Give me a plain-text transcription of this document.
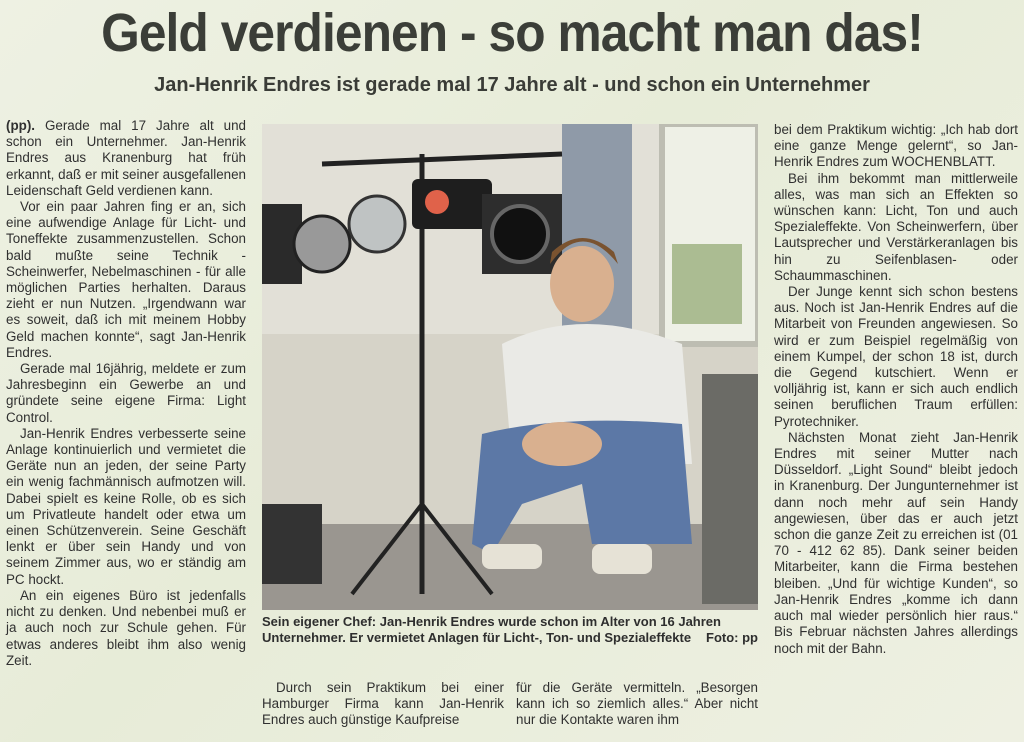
Geld verdienen - so macht man das!
Jan-Henrik Endres ist gerade mal 17 Jahre alt - und schon ein Unternehmer

(pp). Gerade mal 17 Jahre alt und schon ein Unternehmer. Jan-Henrik Endres aus Kranenburg hat früh erkannt, daß er mit seiner ausgefallenen Leidenschaft Geld verdienen kann.

Vor ein paar Jahren fing er an, sich eine aufwendige Anlage für Licht- und Toneffekte zusammenzustellen. Schon bald mußte seine Technik - Scheinwerfer, Nebelmaschinen - für alle möglichen Parties herhalten. Daraus zieht er nun Nutzen. „Irgendwann war es soweit, daß ich mit meinem Hobby Geld machen konnte“, sagt Jan-Henrik Endres.

Gerade mal 16jährig, meldete er zum Jahresbeginn ein Gewerbe an und gründete seine eigene Firma: Light Control.

Jan-Henrik Endres verbesserte seine Anlage kontinuierlich und vermietet die Geräte nun an jeden, der seine Party ein wenig fachmännisch aufmotzen will. Dabei spielt es keine Rolle, ob es sich um Privatleute handelt oder etwa um einen Schützenverein. Seine Geschäft lenkt er über sein Handy und von seinem Zimmer aus, wo er ständig am PC hockt.

An ein eigenes Büro ist jedenfalls nicht zu denken. Und nebenbei muß er ja auch noch zur Schule gehen. Für etwas anderes bleibt ihm also wenig Zeit.

Sein eigener Chef: Jan-Henrik Endres wurde schon im Alter von 16 Jahren Unternehmer. Er vermietet Anlagen für Licht-, Ton- und Spezialeffekte Foto: pp

Durch sein Praktikum bei einer Hamburger Firma kann Jan-Henrik Endres auch günstige Kaufpreise

für die Geräte vermitteln. „Besorgen kann ich so ziemlich alles.“ Aber nicht nur die Kontakte waren ihm

bei dem Praktikum wichtig: „Ich hab dort eine ganze Menge gelernt“, so Jan-Henrik Endres zum WOCHENBLATT.

Bei ihm bekommt man mittlerweile alles, was man sich an Effekten so wünschen kann: Licht, Ton und auch Spezialeffekte. Von Scheinwerfern, über Lautsprecher und Verstärkeranlagen bis hin zu Seifenblasen- oder Schaummaschinen.

Der Junge kennt sich schon bestens aus. Noch ist Jan-Henrik Endres auf die Mitarbeit von Freunden angewiesen. So wird er zum Beispiel regelmäßig von einem Kumpel, der schon 18 ist, durch die Gegend kutschiert. Wenn er volljährig ist, kann er sich auch endlich seinen beruflichen Traum erfüllen: Pyrotechniker.

Nächsten Monat zieht Jan-Henrik Endres mit seiner Mutter nach Düsseldorf. „Light Sound“ bleibt jedoch in Kranenburg. Der Jungunternehmer ist dann noch mehr auf sein Handy angewiesen, über das er auch jetzt schon die ganze Zeit zu erreichen ist (01 70 - 412 62 85). Dank seiner beiden Mitarbeiter, kann die Firma bestehen bleiben. „Und für wichtige Kunden“, so Jan-Henrik Endres „komme ich dann auch mal wieder persönlich hier raus.“ Bis Februar nächsten Jahres allerdings noch mit der Bahn.
